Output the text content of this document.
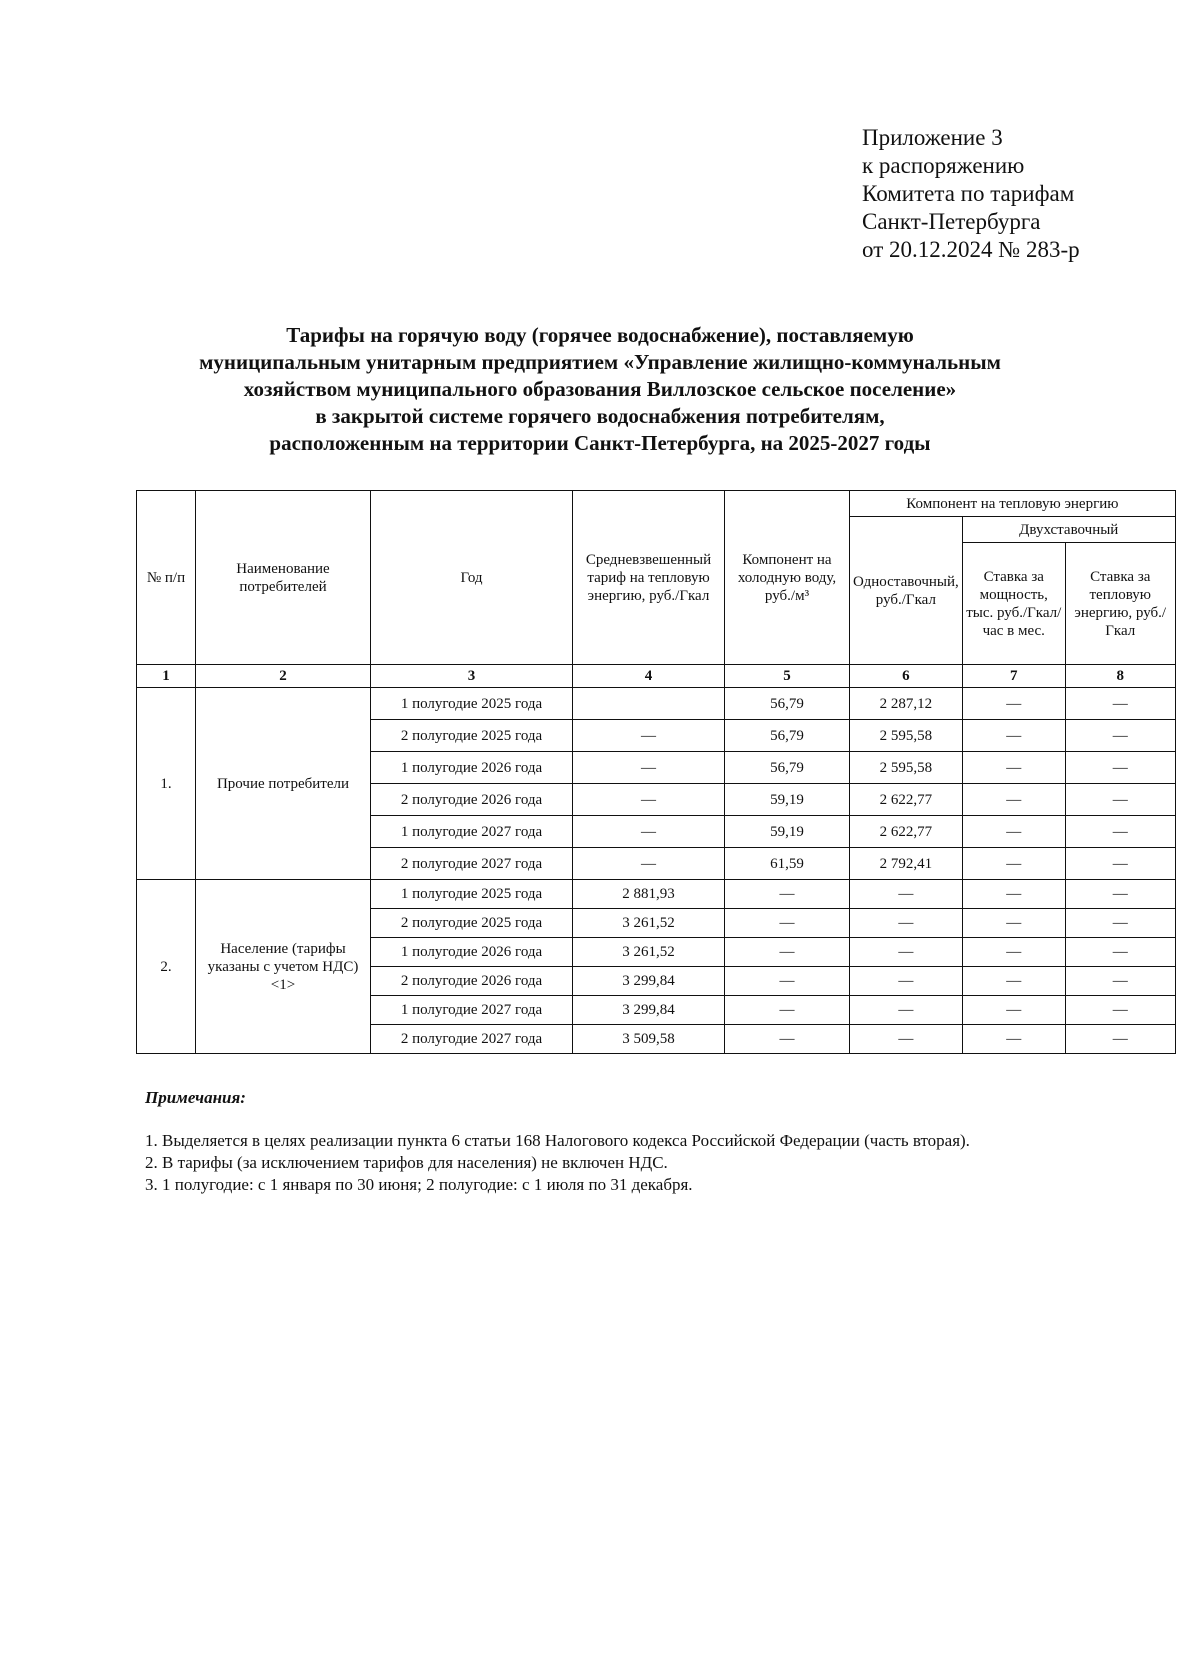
Приложение 3
к распоряжению
Комитета по тарифам
Санкт-Петербурга
от 20.12.2024 № 283-р
Тарифы на горячую воду (горячее водоснабжение), поставляемую
муниципальным унитарным предприятием «Управление жилищно-коммунальным
хозяйством муниципального образования Виллозское сельское поселение»
в закрытой системе горячего водоснабжения потребителям,
расположенным на территории Санкт-Петербурга, на 2025-2027 годы
№ п/п	Наименование потребителей	Год	Средневзвешенный тариф на тепловую энергию, руб./Гкал	Компонент на холодную воду, руб./м³	Компонент на тепловую энергию		
					Одноставочный, руб./Гкал	Двухставочный	
						Ставка за мощность, тыс. руб./Гкал/час в мес.	Ставка за тепловую энергию, руб./Гкал
1	2	3	4	5	6	7	8
1.	Прочие потребители	1 полугодие 2025 года		56,79	2 287,12	—	—
		2 полугодие 2025 года	—	56,79	2 595,58	—	—
		1 полугодие 2026 года	—	56,79	2 595,58	—	—
		2 полугодие 2026 года	—	59,19	2 622,77	—	—
		1 полугодие 2027 года	—	59,19	2 622,77	—	—
		2 полугодие 2027 года	—	61,59	2 792,41	—	—
2.	Население (тарифы указаны с учетом НДС) <1>	1 полугодие 2025 года	2 881,93	—	—	—	—
		2 полугодие 2025 года	3 261,52	—	—	—	—
		1 полугодие 2026 года	3 261,52	—	—	—	—
		2 полугодие 2026 года	3 299,84	—	—	—	—
		1 полугодие 2027 года	3 299,84	—	—	—	—
		2 полугодие 2027 года	3 509,58	—	—	—	—
Примечания:
1. Выделяется в целях реализации пункта 6 статьи 168 Налогового кодекса Российской Федерации (часть вторая).
2. В тарифы (за исключением тарифов для населения) не включен НДС.
3. 1 полугодие: с 1 января по 30 июня; 2 полугодие: с 1 июля по 31 декабря.
